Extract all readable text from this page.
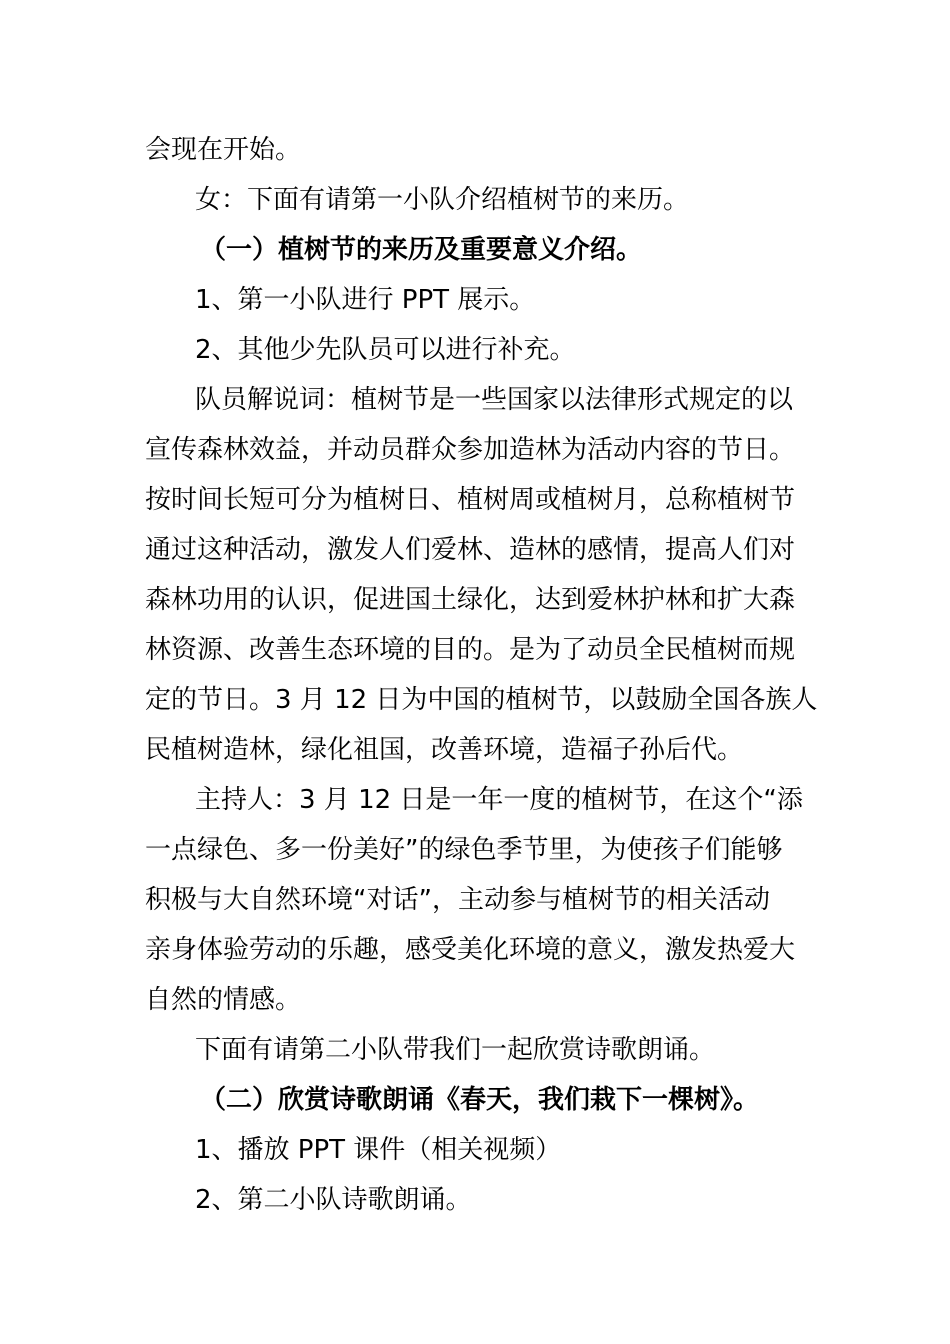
会现在开始。
女：下面有请第一小队介绍植树节的来历。
（一）植树节的来历及重要意义介绍。
1、第一小队进行 PPT 展示。
2、其他少先队员可以进行补充。
队员解说词：植树节是一些国家以法律形式规定的以
宣传森林效益，并动员群众参加造林为活动内容的节日。
按时间长短可分为植树日、植树周或植树月，总称植树节
通过这种活动，激发人们爱林、造林的感情，提高人们对
森林功用的认识，促进国土绿化，达到爱林护林和扩大森
林资源、改善生态环境的目的。是为了动员全民植树而规
定的节日。3 月 12 日为中国的植树节，以鼓励全国各族人
民植树造林，绿化祖国，改善环境，造福子孙后代。
主持人：3 月 12 日是一年一度的植树节，在这个“添
一点绿色、多一份美好”的绿色季节里，为使孩子们能够
积极与大自然环境“对话”，主动参与植树节的相关活动
亲身体验劳动的乐趣，感受美化环境的意义，激发热爱大
自然的情感。
下面有请第二小队带我们一起欣赏诗歌朗诵。
（二）欣赏诗歌朗诵《春天，我们栽下一棵树》。
1、播放 PPT 课件（相关视频）
2、第二小队诗歌朗诵。
